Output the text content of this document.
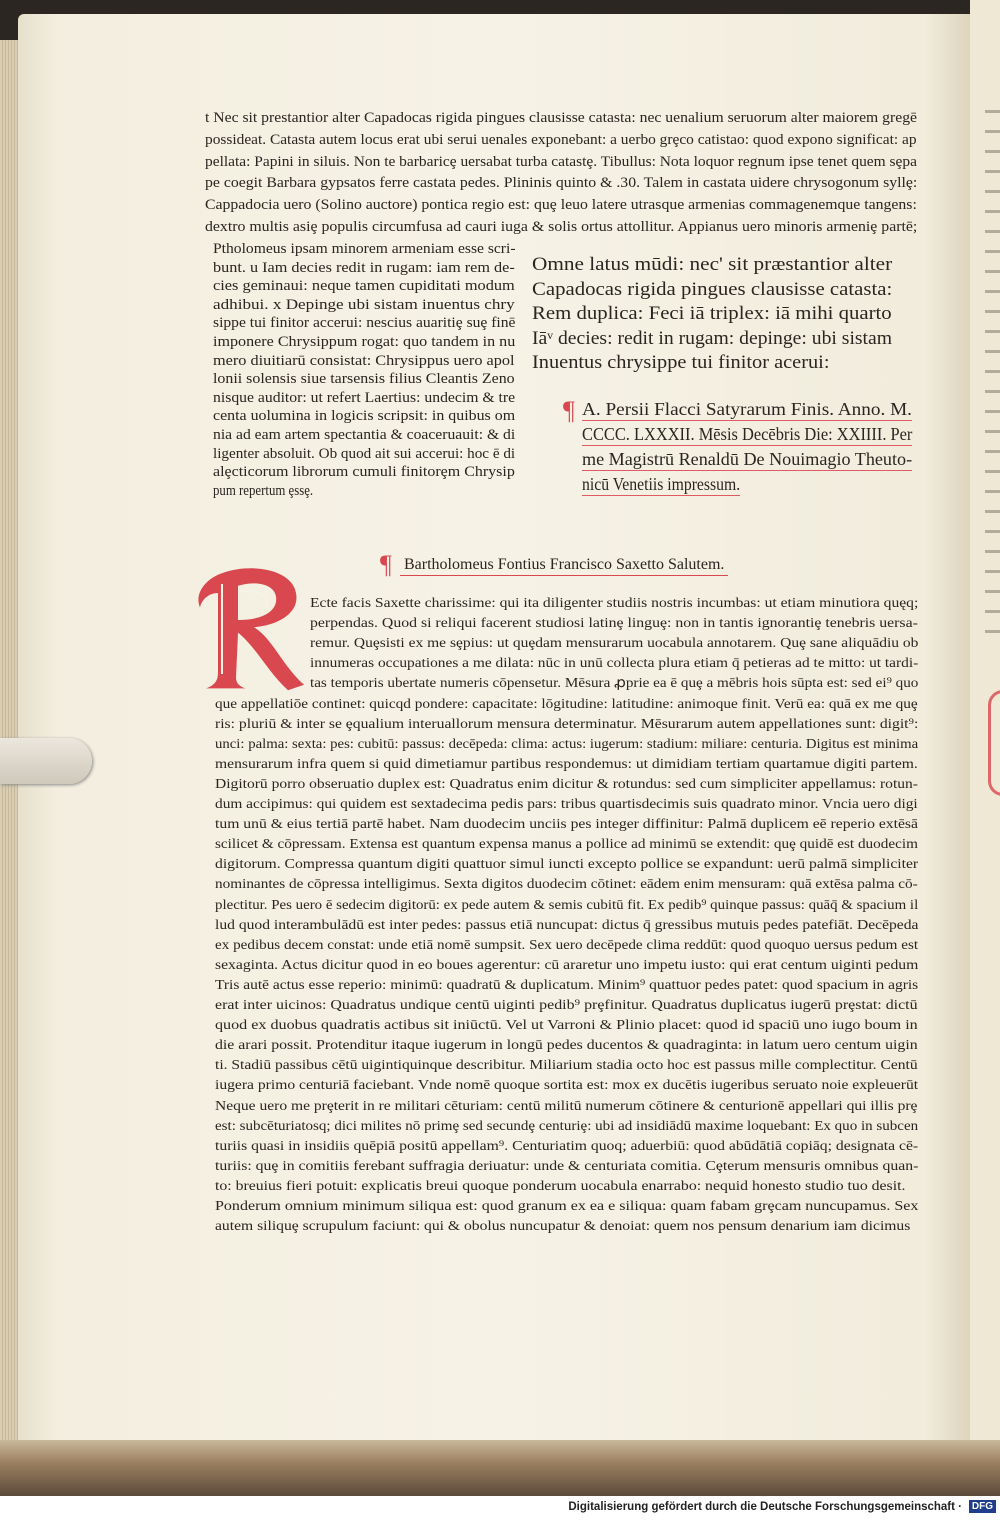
t Nec sit prestantior alter Capadocas rigida pingues clausisse catasta: nec uenalium seruorum alter maiorem gregē
possideat. Catasta autem locus erat ubi serui uenales exponebant: a uerbo grȩco catistao: quod expono significat: ap
pellata: Papini in siluis. Non te barbaricȩ uersabat turba catastȩ. Tibullus: Nota loquor regnum ipse tenet quem sȩpa
pe coegit Barbara gypsatos ferre castata pedes. Plininis quinto & .30. Talem in castata uidere chrysogonum syllȩ:
Cappadocia uero (Solino auctore) pontica regio est: quȩ leuo latere utrasque armenias commagenemque tangens:
dextro multis asiȩ populis circumfusa ad cauri iuga & solis ortus attollitur. Appianus uero minoris armeniȩ partē;
Ptholomeus ipsam minorem armeniam esse scri-
bunt. u Iam decies redit in rugam: iam rem de-
cies geminaui: neque tamen cupiditati modum
adhibui. x Depinge ubi sistam inuentus chry
sippe tui finitor accerui: nescius auaritiȩ suȩ finē
imponere Chrysippum rogat: quo tandem in nu
mero diuitiarū consistat: Chrysippus uero apol
lonii solensis siue tarsensis filius Cleantis Zeno
nisque auditor: ut refert Laertius: undecim & tre
centa uolumina in logicis scripsit: in quibus om
nia ad eam artem spectantia & coaceruauit: & di
ligenter absoluit. Ob quod ait sui accerui: hoc ē di
alȩcticorum librorum cumuli finitorȩm Chrysip
pum repertum ȩssȩ.
Omne latus mūdi: nec' sit præstantior alter
Capadocas rigida pingues clausisse catasta:
Rem duplica: Feci iā triplex: iā mihi quarto
Iāᵛ decies: redit in rugam: depinge: ubi sistam
Inuentus chrysippe tui finitor acerui:
¶ A. Persii Flacci Satyrarum Finis. Anno. M.
CCCC. LXXXII. Mēsis Decēbris Die: XXIIII. Per
me Magistrū Renaldū De Nouimagio Theuto-
nicū Venetiis impressum.
¶ Bartholomeus Fontius Francisco Saxetto Salutem.
Ecte facis Saxette charissime: qui ita diligenter studiis nostris incumbas: ut etiam minutiora quęq;
perpendas. Quod si reliqui facerent studiosi latinȩ linguȩ: non in tantis ignorantiȩ tenebris uersa-
remur. Quȩsisti ex me sȩpius: ut quȩdam mensurarum uocabula annotarem. Quȩ sane aliquādiu ob
innumeras occupationes a me dilata: nūc in unū collecta plura etiam q̄ petieras ad te mitto: ut tardi-
tas temporis ubertate numeris cōpensetur. Mēsura ꝓprie ea ē quȩ a mēbris hois sūpta est: sed ei⁹ quo
que appellatiōe continet: quicqd pondere: capacitate: lōgitudine: latitudine: animoque finit. Verū ea: quā ex me quȩ
ris: pluriū & inter se ȩqualium interuallorum mensura determinatur. Mēsurarum autem appellationes sunt: digit⁹:
unci: palma: sexta: pes: cubitū: passus: decēpeda: clima: actus: iugerum: stadium: miliare: centuria. Digitus est minima
mensurarum infra quem si quid dimetiamur partibus respondemus: ut dimidiam tertiam quartamue digiti partem.
Digitorū porro obseruatio duplex est: Quadratus enim dicitur & rotundus: sed cum simpliciter appellamus: rotun-
dum accipimus: qui quidem est sextadecima pedis pars: tribus quartisdecimis suis quadrato minor. Vncia uero digi
tum unū & eius tertiā partē habet. Nam duodecim unciis pes integer diffinitur: Palmā duplicem eē reperio extēsā
scilicet & cōpressam. Extensa est quantum expensa manus a pollice ad minimū se extendit: quȩ quidē est duodecim
digitorum. Compressa quantum digiti quattuor simul iuncti excepto pollice se expandunt: uerū palmā simpliciter
nominantes de cōpressa intelligimus. Sexta digitos duodecim cōtinet: eādem enim mensuram: quā extēsa palma cō-
plectitur. Pes uero ē sedecim digitorū: ex pede autem & semis cubitū fit. Ex pedib⁹ quinque passus: quāq̄ & spacium il
lud quod interambulādū est inter pedes: passus etiā nuncupat: dictus q̄ gressibus mutuis pedes patefiāt. Decēpeda
ex pedibus decem constat: unde etiā nomē sumpsit. Sex uero decēpede clima reddūt: quod quoquo uersus pedum est
sexaginta. Actus dicitur quod in eo boues agerentur: cū araretur uno impetu iusto: qui erat centum uiginti pedum
Tris autē actus esse reperio: minimū: quadratū & duplicatum. Minim⁹ quattuor pedes patet: quod spacium in agris
erat inter uicinos: Quadratus undique centū uiginti pedib⁹ prȩfinitur. Quadratus duplicatus iugerū prȩstat: dictū
quod ex duobus quadratis actibus sit iniūctū. Vel ut Varroni & Plinio placet: quod id spaciū uno iugo boum in
die arari possit. Protenditur itaque iugerum in longū pedes ducentos & quadraginta: in latum uero centum uigin
ti. Stadiū passibus cētū uigintiquinque describitur. Miliarium stadia octo hoc est passus mille complectitur. Centū
iugera primo centuriā faciebant. Vnde nomē quoque sortita est: mox ex ducētis iugeribus seruato noie expleuerūt
Neque uero me prȩterit in re militari cēturiam: centū militū numerum cōtinere & centurionē appellari qui illis prȩ
est: subcēturiatosq; dici milites nō primȩ sed secundȩ centuriȩ: ubi ad insidiādū maxime loquebant: Ex quo in subcen
turiis quasi in insidiis quēpiā positū appellam⁹. Centuriatim quoq; aduerbiū: quod abūdātiā copiāq; designata cē-
turiis: quȩ in comitiis ferebant suffragia deriuatur: unde & centuriata comitia. Cȩterum mensuris omnibus quan-
to: breuius fieri potuit: explicatis breui quoque ponderum uocabula enarrabo: nequid honesto studio tuo desit.
Ponderum omnium minimum siliqua est: quod granum ex ea e siliqua: quam fabam grȩcam nuncupamus. Sex
autem siliquȩ scrupulum faciunt: qui & obolus nuncupatur & denoiat: quem nos pensum denarium iam dicimus
Digitalisierung gefördert durch die Deutsche Forschungsgemeinschaft · DFG
